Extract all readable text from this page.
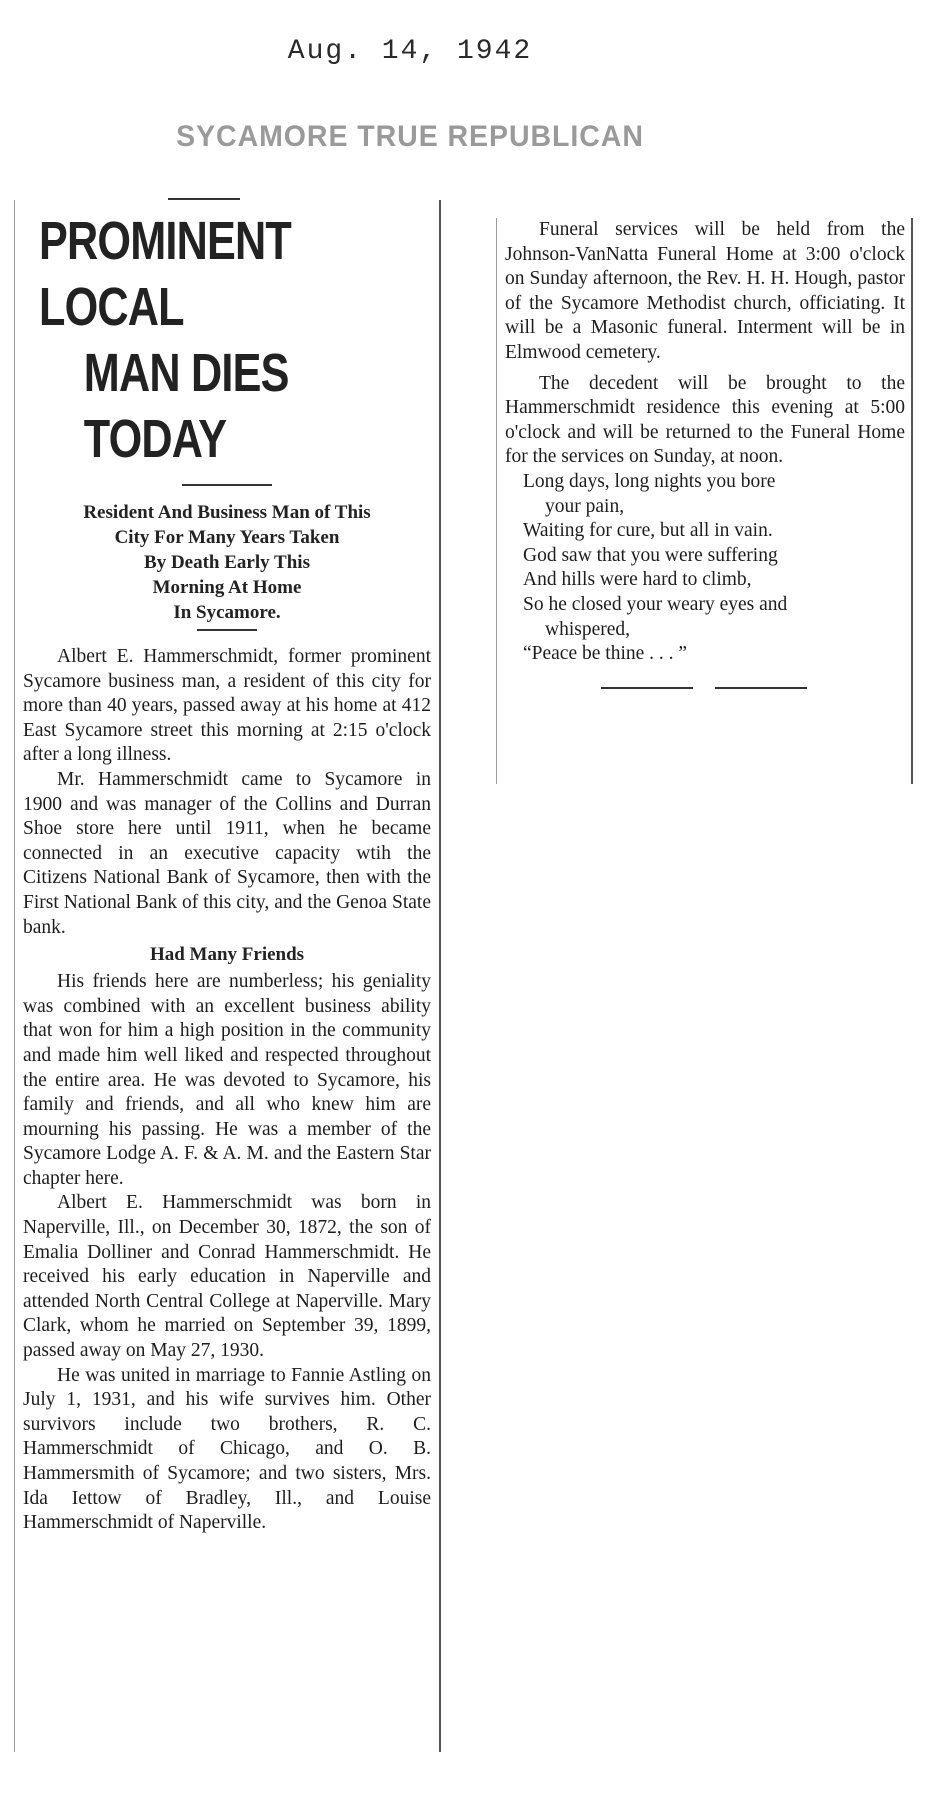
Aug. 14, 1942
SYCAMORE TRUE REPUBLICAN
PROMINENT LOCAL
MAN DIES TODAY
Resident And Business Man of This
City For Many Years Taken
By Death Early This
Morning At Home
In Sycamore.

Albert E. Hammerschmidt, former prominent Sycamore business man, a resident of this city for more than 40 years, passed away at his home at 412 East Sycamore street this morning at 2:15 o'clock after a long illness.

Mr. Hammerschmidt came to Sycamore in 1900 and was manager of the Collins and Durran Shoe store here until 1911, when he became connected in an executive capacity wtih the Citizens National Bank of Sycamore, then with the First National Bank of this city, and the Genoa State bank.

Had Many Friends

His friends here are numberless; his geniality was combined with an excellent business ability that won for him a high position in the community and made him well liked and respected throughout the entire area. He was devoted to Sycamore, his family and friends, and all who knew him are mourning his passing. He was a member of the Sycamore Lodge A. F. & A. M. and the Eastern Star chapter here.

Albert E. Hammerschmidt was born in Naperville, Ill., on December 30, 1872, the son of Emalia Dolliner and Conrad Hammerschmidt. He received his early education in Naperville and attended North Central College at Naperville. Mary Clark, whom he married on September 39, 1899, passed away on May 27, 1930.

He was united in marriage to Fannie Astling on July 1, 1931, and his wife survives him. Other survivors include two brothers, R. C. Hammerschmidt of Chicago, and O. B. Hammersmith of Sycamore; and two sisters, Mrs. Ida Iettow of Bradley, Ill., and Louise Hammerschmidt of Naperville.

Funeral services will be held from the Johnson-VanNatta Funeral Home at 3:00 o'clock on Sunday afternoon, the Rev. H. H. Hough, pastor of the Sycamore Methodist church, officiating. It will be a Masonic funeral. Interment will be in Elmwood cemetery.

The decedent will be brought to the Hammerschmidt residence this evening at 5:00 o'clock and will be returned to the Funeral Home for the services on Sunday, at noon.

Long days, long nights you bore
your pain,
Waiting for cure, but all in vain.
God saw that you were suffering
And hills were hard to climb,
So he closed your weary eyes and
whispered,
“Peace be thine . . . ”
